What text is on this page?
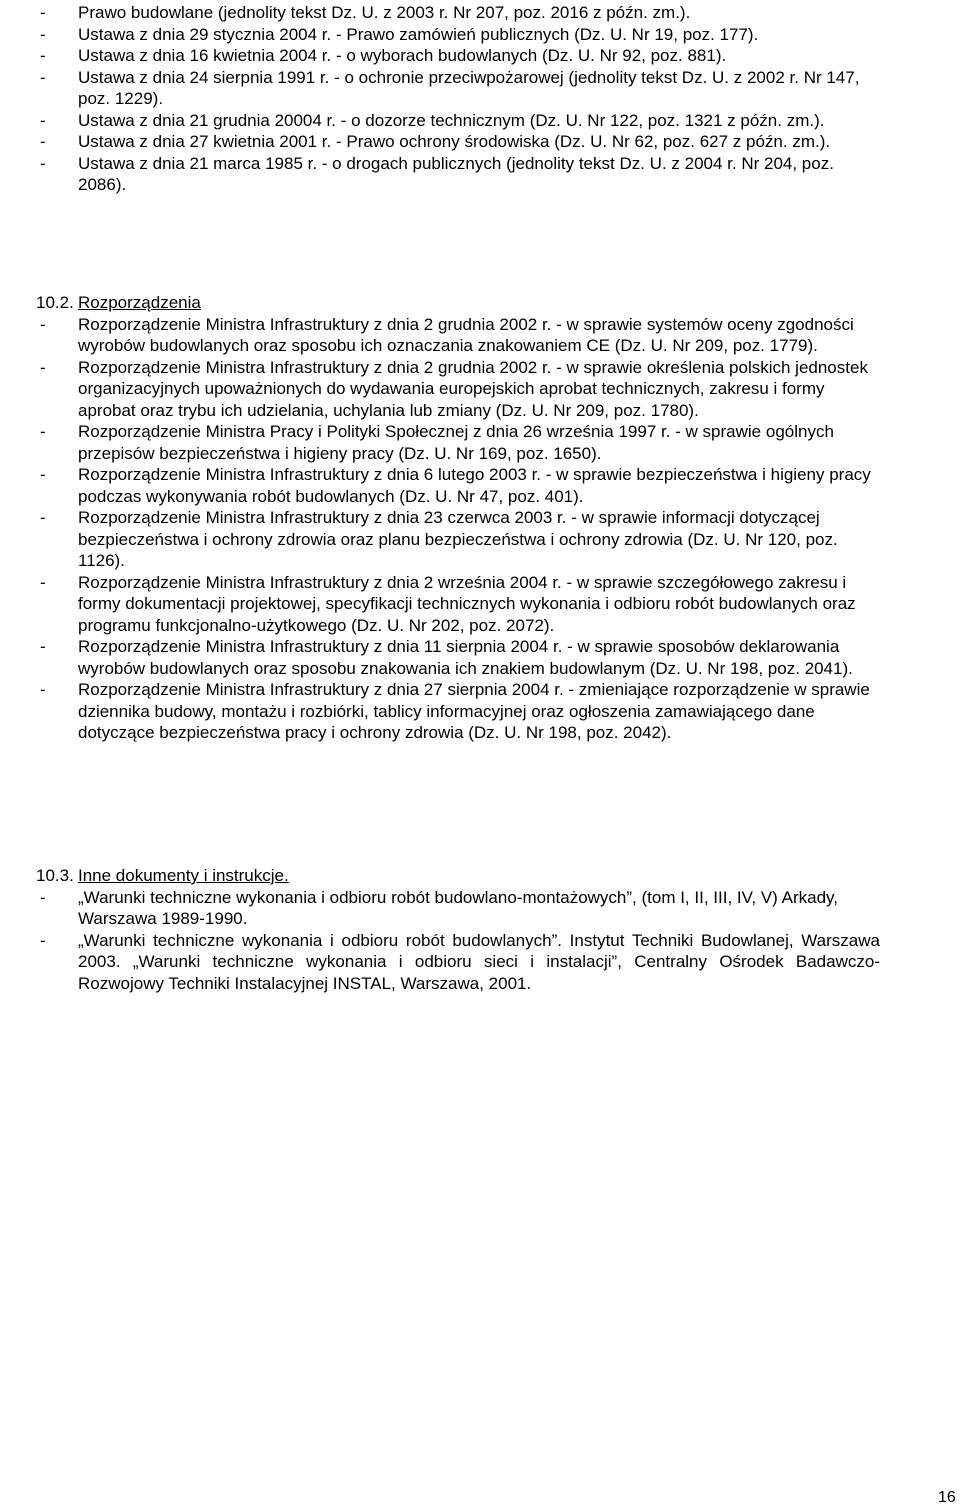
- Prawo budowlane (jednolity tekst Dz. U. z 2003 r. Nr 207, poz. 2016 z późn. zm.).
- Ustawa z dnia 29 stycznia 2004 r. - Prawo zamówień publicznych (Dz. U. Nr 19, poz. 177).
- Ustawa z dnia 16 kwietnia 2004 r. - o wyborach budowlanych (Dz. U. Nr 92, poz. 881).
- Ustawa z dnia 24 sierpnia 1991 r. - o ochronie przeciwpożarowej (jednolity tekst Dz. U. z 2002 r. Nr 147, poz. 1229).
- Ustawa z dnia 21 grudnia 20004 r. - o dozorze technicznym (Dz. U. Nr 122, poz. 1321 z późn. zm.).
- Ustawa z dnia 27 kwietnia 2001 r. - Prawo ochrony środowiska (Dz. U. Nr 62, poz. 627 z późn. zm.).
- Ustawa z dnia 21 marca 1985 r. - o drogach publicznych (jednolity tekst Dz. U. z 2004 r. Nr 204, poz. 2086).
10.2. Rozporządzenia
- Rozporządzenie Ministra Infrastruktury z dnia 2 grudnia 2002 r. - w sprawie systemów oceny zgodności wyrobów budowlanych oraz sposobu ich oznaczania znakowaniem CE (Dz. U. Nr 209, poz. 1779).
- Rozporządzenie Ministra Infrastruktury z dnia 2 grudnia 2002 r. - w sprawie określenia polskich jednostek organizacyjnych upoważnionych do wydawania europejskich aprobat technicznych, zakresu i formy aprobat oraz trybu ich udzielania, uchylania lub zmiany (Dz. U. Nr 209, poz. 1780).
- Rozporządzenie Ministra Pracy i Polityki Społecznej z dnia 26 września 1997 r. - w sprawie ogólnych przepisów bezpieczeństwa i higieny pracy (Dz. U. Nr 169, poz. 1650).
- Rozporządzenie Ministra Infrastruktury z dnia 6 lutego 2003 r. - w sprawie bezpieczeństwa i higieny pracy podczas wykonywania robót budowlanych (Dz. U. Nr 47, poz. 401).
- Rozporządzenie Ministra Infrastruktury z dnia 23 czerwca 2003 r. - w sprawie informacji dotyczącej bezpieczeństwa i ochrony zdrowia oraz planu bezpieczeństwa i ochrony zdrowia (Dz. U. Nr 120, poz. 1126).
- Rozporządzenie Ministra Infrastruktury z dnia 2 września 2004 r. - w sprawie szczegółowego zakresu i formy dokumentacji projektowej, specyfikacji technicznych wykonania i odbioru robót budowlanych oraz programu funkcjonalno-użytkowego (Dz. U. Nr 202, poz. 2072).
- Rozporządzenie Ministra Infrastruktury z dnia 11 sierpnia 2004 r. - w sprawie sposobów deklarowania wyrobów budowlanych oraz sposobu znakowania ich znakiem budowlanym (Dz. U. Nr 198, poz. 2041).
- Rozporządzenie Ministra Infrastruktury z dnia 27 sierpnia 2004 r. - zmieniające rozporządzenie w sprawie dziennika budowy, montażu i rozbiórki, tablicy informacyjnej oraz ogłoszenia zamawiającego dane dotyczące bezpieczeństwa pracy i ochrony zdrowia (Dz. U. Nr 198, poz. 2042).
10.3. Inne dokumenty i instrukcje.
- „Warunki techniczne wykonania i odbioru robót budowlano-montażowych”, (tom I, II, III, IV, V) Arkady, Warszawa 1989-1990.
- „Warunki techniczne wykonania i odbioru robót budowlanych”. Instytut Techniki Budowlanej, Warszawa 2003. „Warunki techniczne wykonania i odbioru sieci i instalacji”, Centralny Ośrodek Badawczo-Rozwojowy Techniki Instalacyjnej INSTAL, Warszawa, 2001.
16
